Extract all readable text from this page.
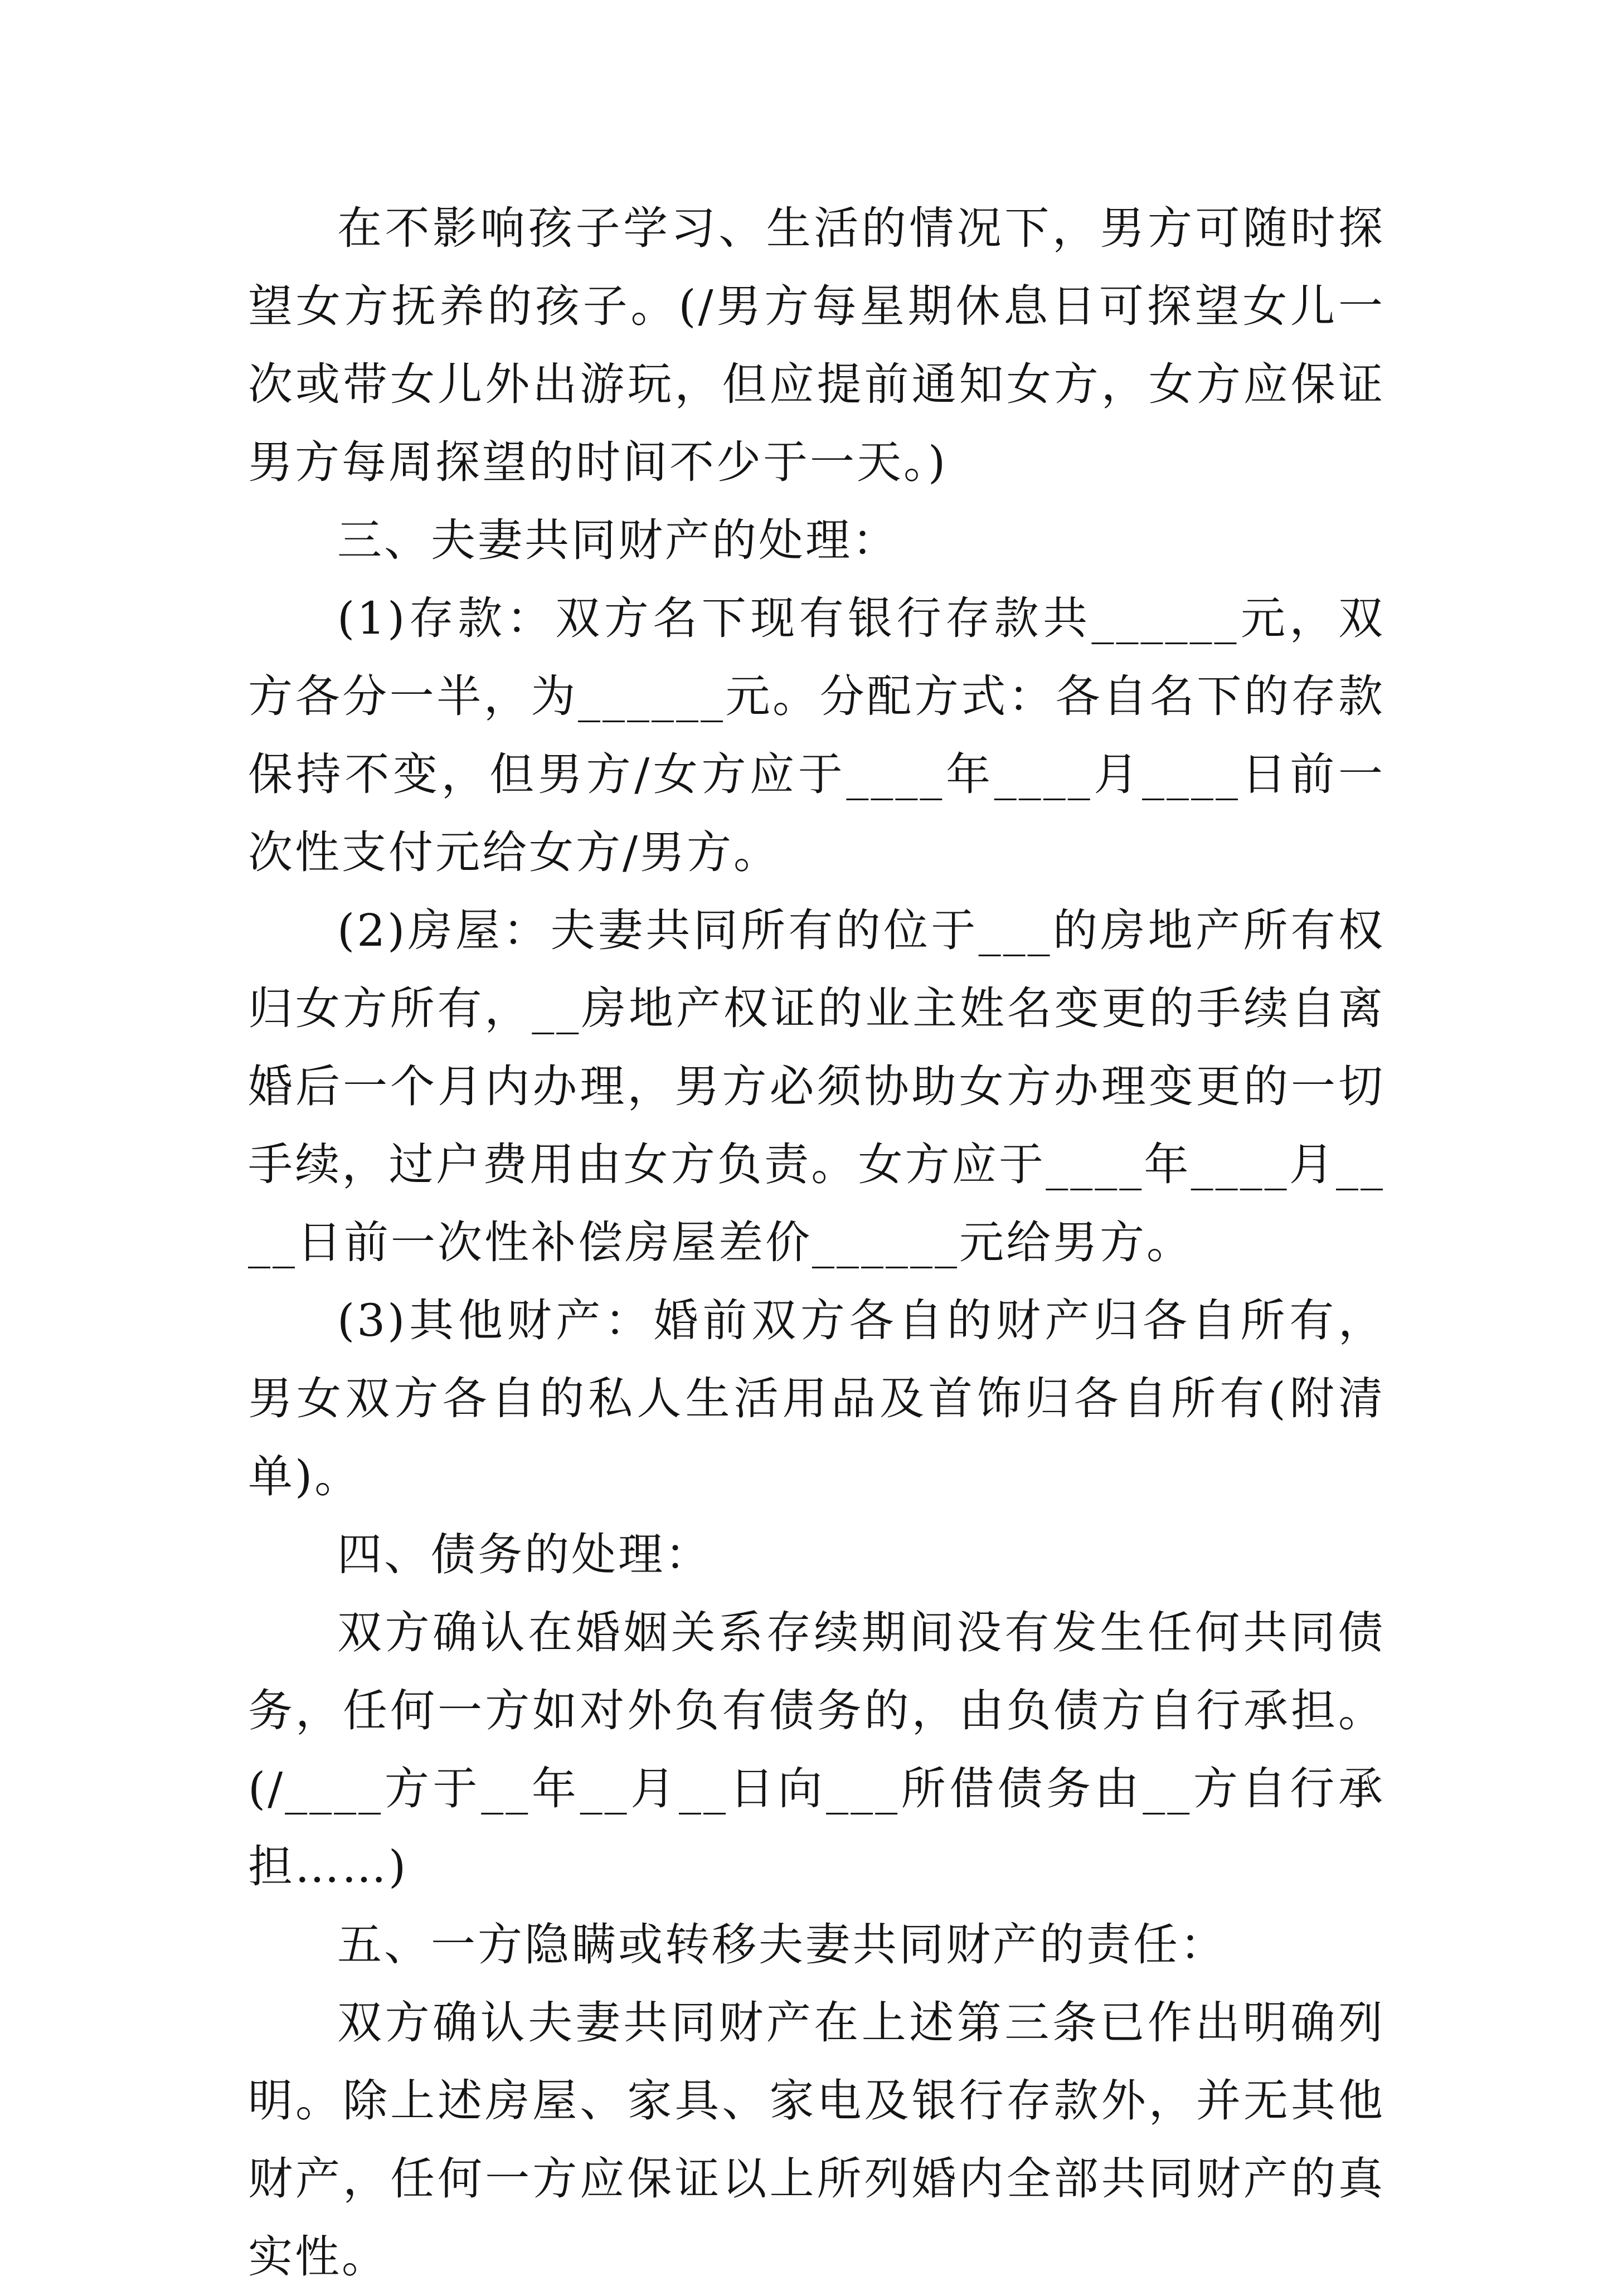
在不影响孩子学习、生活的情况下，男方可随时探望女方抚养的孩子。(/男方每星期休息日可探望女儿一次或带女儿外出游玩，但应提前通知女方，女方应保证男方每周探望的时间不少于一天。)

三、夫妻共同财产的处理：

(1)存款：双方名下现有银行存款共______元，双方各分一半，为______元。分配方式：各自名下的存款保持不变，但男方/女方应于____年____月____日前一次性支付元给女方/男方。

(2)房屋：夫妻共同所有的位于___的房地产所有权归女方所有，__房地产权证的业主姓名变更的手续自离婚后一个月内办理，男方必须协助女方办理变更的一切手续，过户费用由女方负责。女方应于____年____月____日前一次性补偿房屋差价______元给男方。

(3)其他财产：婚前双方各自的财产归各自所有，男女双方各自的私人生活用品及首饰归各自所有(附清单)。

四、债务的处理：

双方确认在婚姻关系存续期间没有发生任何共同债务，任何一方如对外负有债务的，由负债方自行承担。(/____方于__年__月__日向___所借债务由__方自行承担……)

五、一方隐瞒或转移夫妻共同财产的责任：

双方确认夫妻共同财产在上述第三条已作出明确列明。除上述房屋、家具、家电及银行存款外，并无其他财产，任何一方应保证以上所列婚内全部共同财产的真实性。
